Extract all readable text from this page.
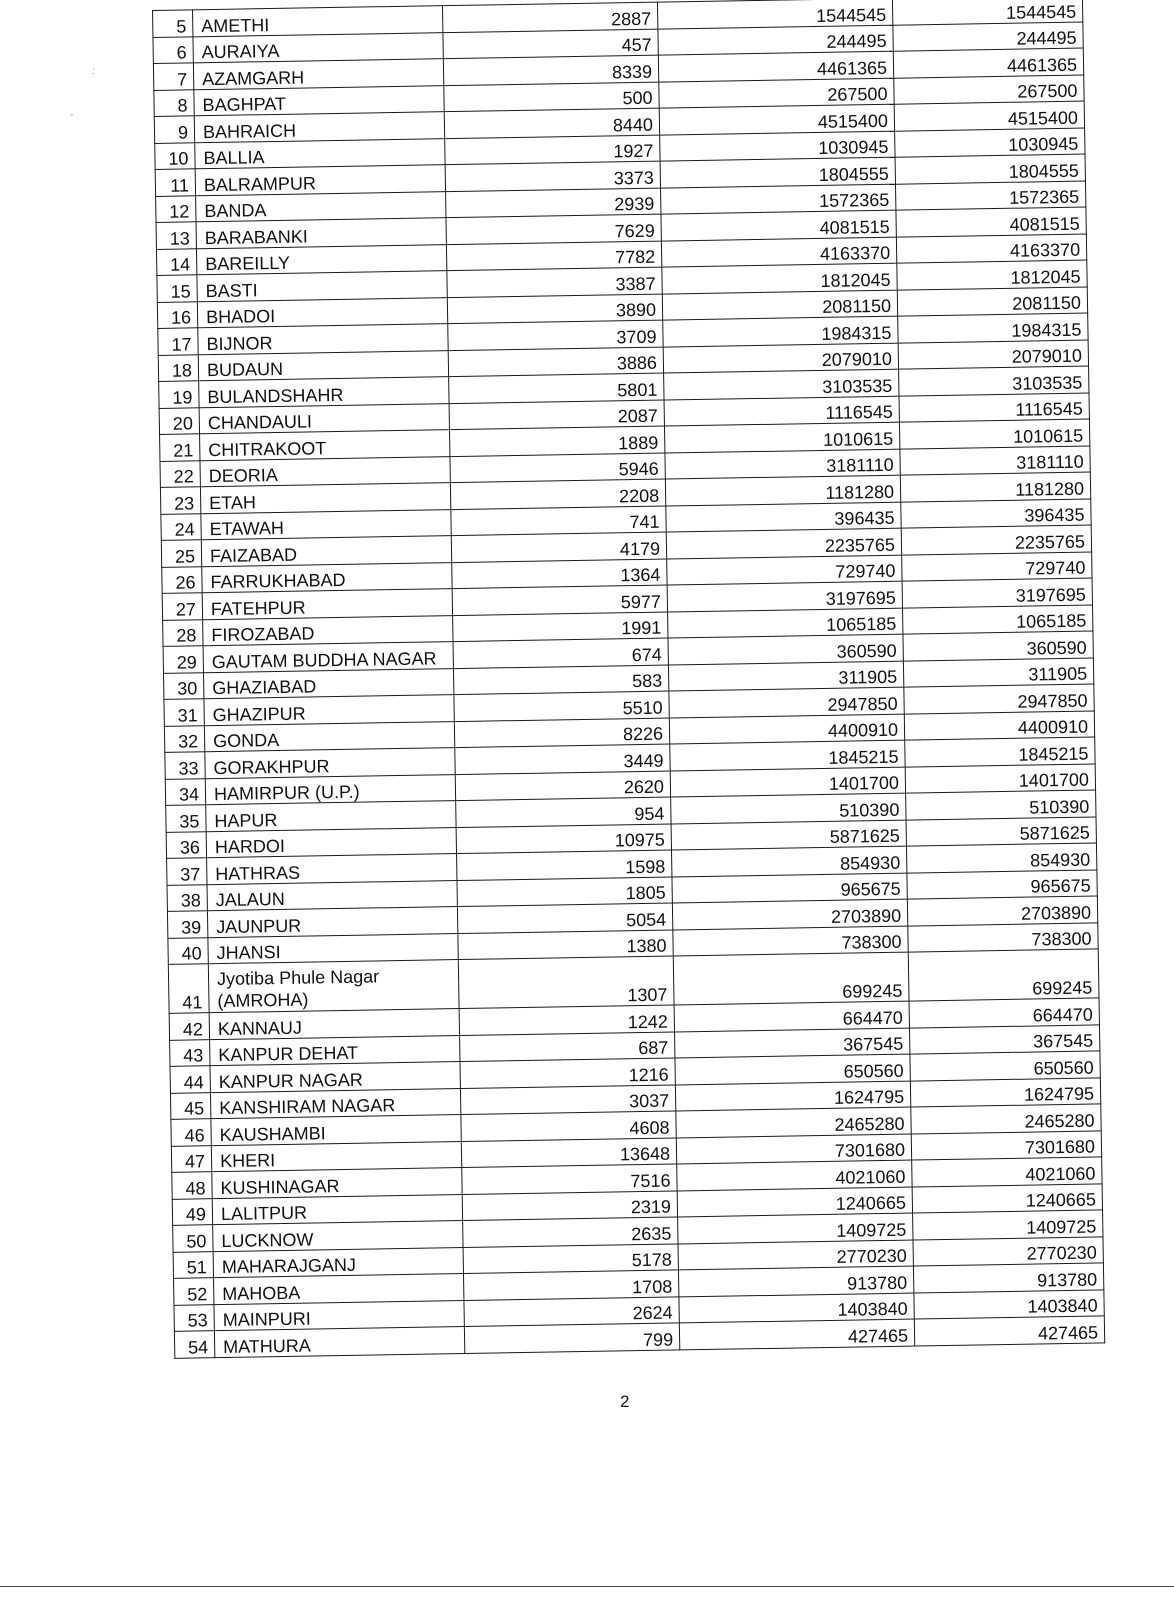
:
-
5	AMETHI	2887	1544545	1544545
6	AURAIYA	457	244495	244495
7	AZAMGARH	8339	4461365	4461365
8	BAGHPAT	500	267500	267500
9	BAHRAICH	8440	4515400	4515400
10	BALLIA	1927	1030945	1030945
11	BALRAMPUR	3373	1804555	1804555
12	BANDA	2939	1572365	1572365
13	BARABANKI	7629	4081515	4081515
14	BAREILLY	7782	4163370	4163370
15	BASTI	3387	1812045	1812045
16	BHADOI	3890	2081150	2081150
17	BIJNOR	3709	1984315	1984315
18	BUDAUN	3886	2079010	2079010
19	BULANDSHAHR	5801	3103535	3103535
20	CHANDAULI	2087	1116545	1116545
21	CHITRAKOOT	1889	1010615	1010615
22	DEORIA	5946	3181110	3181110
23	ETAH	2208	1181280	1181280
24	ETAWAH	741	396435	396435
25	FAIZABAD	4179	2235765	2235765
26	FARRUKHABAD	1364	729740	729740
27	FATEHPUR	5977	3197695	3197695
28	FIROZABAD	1991	1065185	1065185
29	GAUTAM BUDDHA NAGAR	674	360590	360590
30	GHAZIABAD	583	311905	311905
31	GHAZIPUR	5510	2947850	2947850
32	GONDA	8226	4400910	4400910
33	GORAKHPUR	3449	1845215	1845215
34	HAMIRPUR (U.P.)	2620	1401700	1401700
35	HAPUR	954	510390	510390
36	HARDOI	10975	5871625	5871625
37	HATHRAS	1598	854930	854930
38	JALAUN	1805	965675	965675
39	JAUNPUR	5054	2703890	2703890
40	JHANSI	1380	738300	738300
41	Jyotiba Phule Nagar (AMROHA)	1307	699245	699245
42	KANNAUJ	1242	664470	664470
43	KANPUR DEHAT	687	367545	367545
44	KANPUR NAGAR	1216	650560	650560
45	KANSHIRAM NAGAR	3037	1624795	1624795
46	KAUSHAMBI	4608	2465280	2465280
47	KHERI	13648	7301680	7301680
48	KUSHINAGAR	7516	4021060	4021060
49	LALITPUR	2319	1240665	1240665
50	LUCKNOW	2635	1409725	1409725
51	MAHARAJGANJ	5178	2770230	2770230
52	MAHOBA	1708	913780	913780
53	MAINPURI	2624	1403840	1403840
54	MATHURA	799	427465	427465
2
